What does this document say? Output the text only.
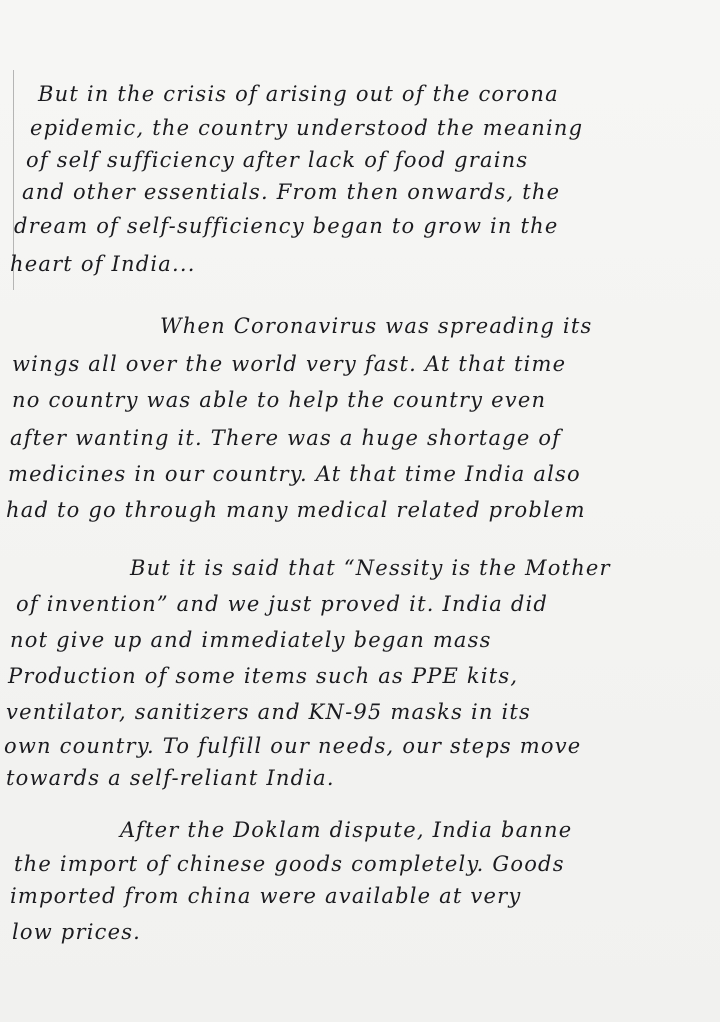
But in the crisis of arising out of the corona
epidemic, the country understood the meaning
of self sufficiency after lack of food grains
and other essentials. From then onwards, the
dream of self-sufficiency began to grow in the
heart of India...
When Coronavirus was spreading its
wings all over the world very fast. At that time
no country was able to help the country even
after wanting it. There was a huge shortage of
medicines in our country. At that time India also
had to go through many medical related problem
But it is said that “Nessity is the Mother
of invention” and we just proved it. India did
not give up and immediately began mass
Production of some items such as PPE kits,
ventilator, sanitizers and KN-95 masks in its
own country. To fulfill our needs, our steps move
towards a self-reliant India.
After the Doklam dispute, India banne
the import of chinese goods completely. Goods
imported from china were available at very
low prices.
